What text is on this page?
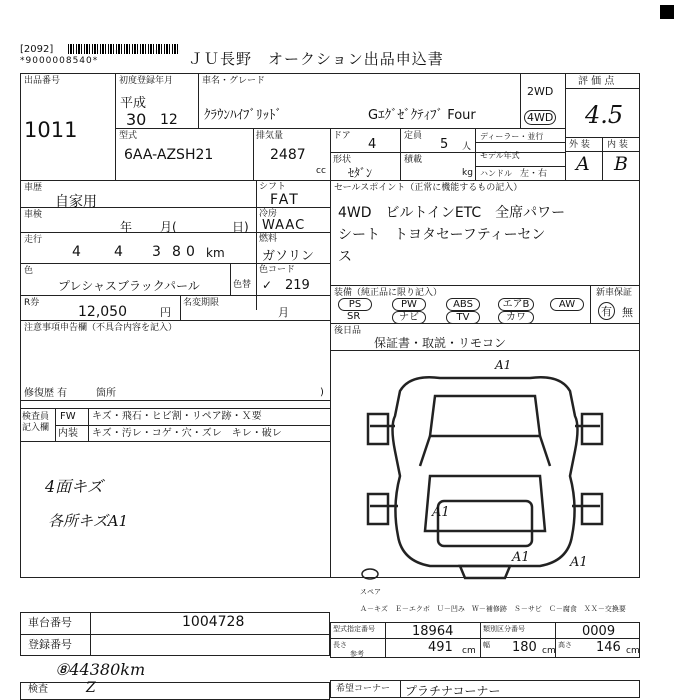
[2092]
*9000008540*	ＪＵ長野　オークション出品申込書
出品番号
1011
初度登録年月
平成
30 12
車名・グレード
ｸﾗｳﾝﾊｲﾌﾞﾘｯﾄﾞ	Gｴｸﾞｾﾞｸﾃｨﾌﾞ Four
2WD
4WD
評 価 点
4.5
外 装 内 装
A B
型式
6AA-AZSH21
排気量
2487
cc
ドア
4
定員
5 人
形状
ｾﾀﾞﾝ
積載
kg
ディーラー・並行
モデル年式
ハンドル 左・右
車歴
自家用
車検
年 月(	日)
走行
4 4 3 8 0 km
色
プレシャスブラックパール	色替
R券
12,050	円
名変期限
月
シフト
FAT
冷房
WAAC
燃料
ガソリン
色コード
✓ 219
注意事項申告欄（不具合内容を記入）
修復歴 有	箇所	)
検査員記入欄
FW
内装
キズ・飛石・ヒビ割・リペア跡・Ｘ要
キズ・汚レ・コゲ・穴・ズレ　キレ・破レ
4面キズ
各所キズA1
セールスポイント（正常に機能するもの記入）
4WD　ビルトインETC　全席パワー
シート　トヨタセーフティーセン
ス
装備（純正品に限り記入）
PS	PW	ABS	エアB	AW
SR	ナビ	TV	カワ
新車保証
有 無
後日品
保証書・取説・リモコン
スペア
A1
A1
A1	A1
Ａ－キズ　Ｅ－エクボ　Ｕ－凹み　Ｗ－補修跡　Ｓ－サビ　Ｃ－腐食　ＸＸ－交換要
車台番号	1004728
登録番号
⑧44380km
検査	Z
型式指定番号	18964	類別区分番号	0009
長さ
参考	491 cm
幅 180 cm
高さ 146 cm
希望コーナー プラチナコーナー
